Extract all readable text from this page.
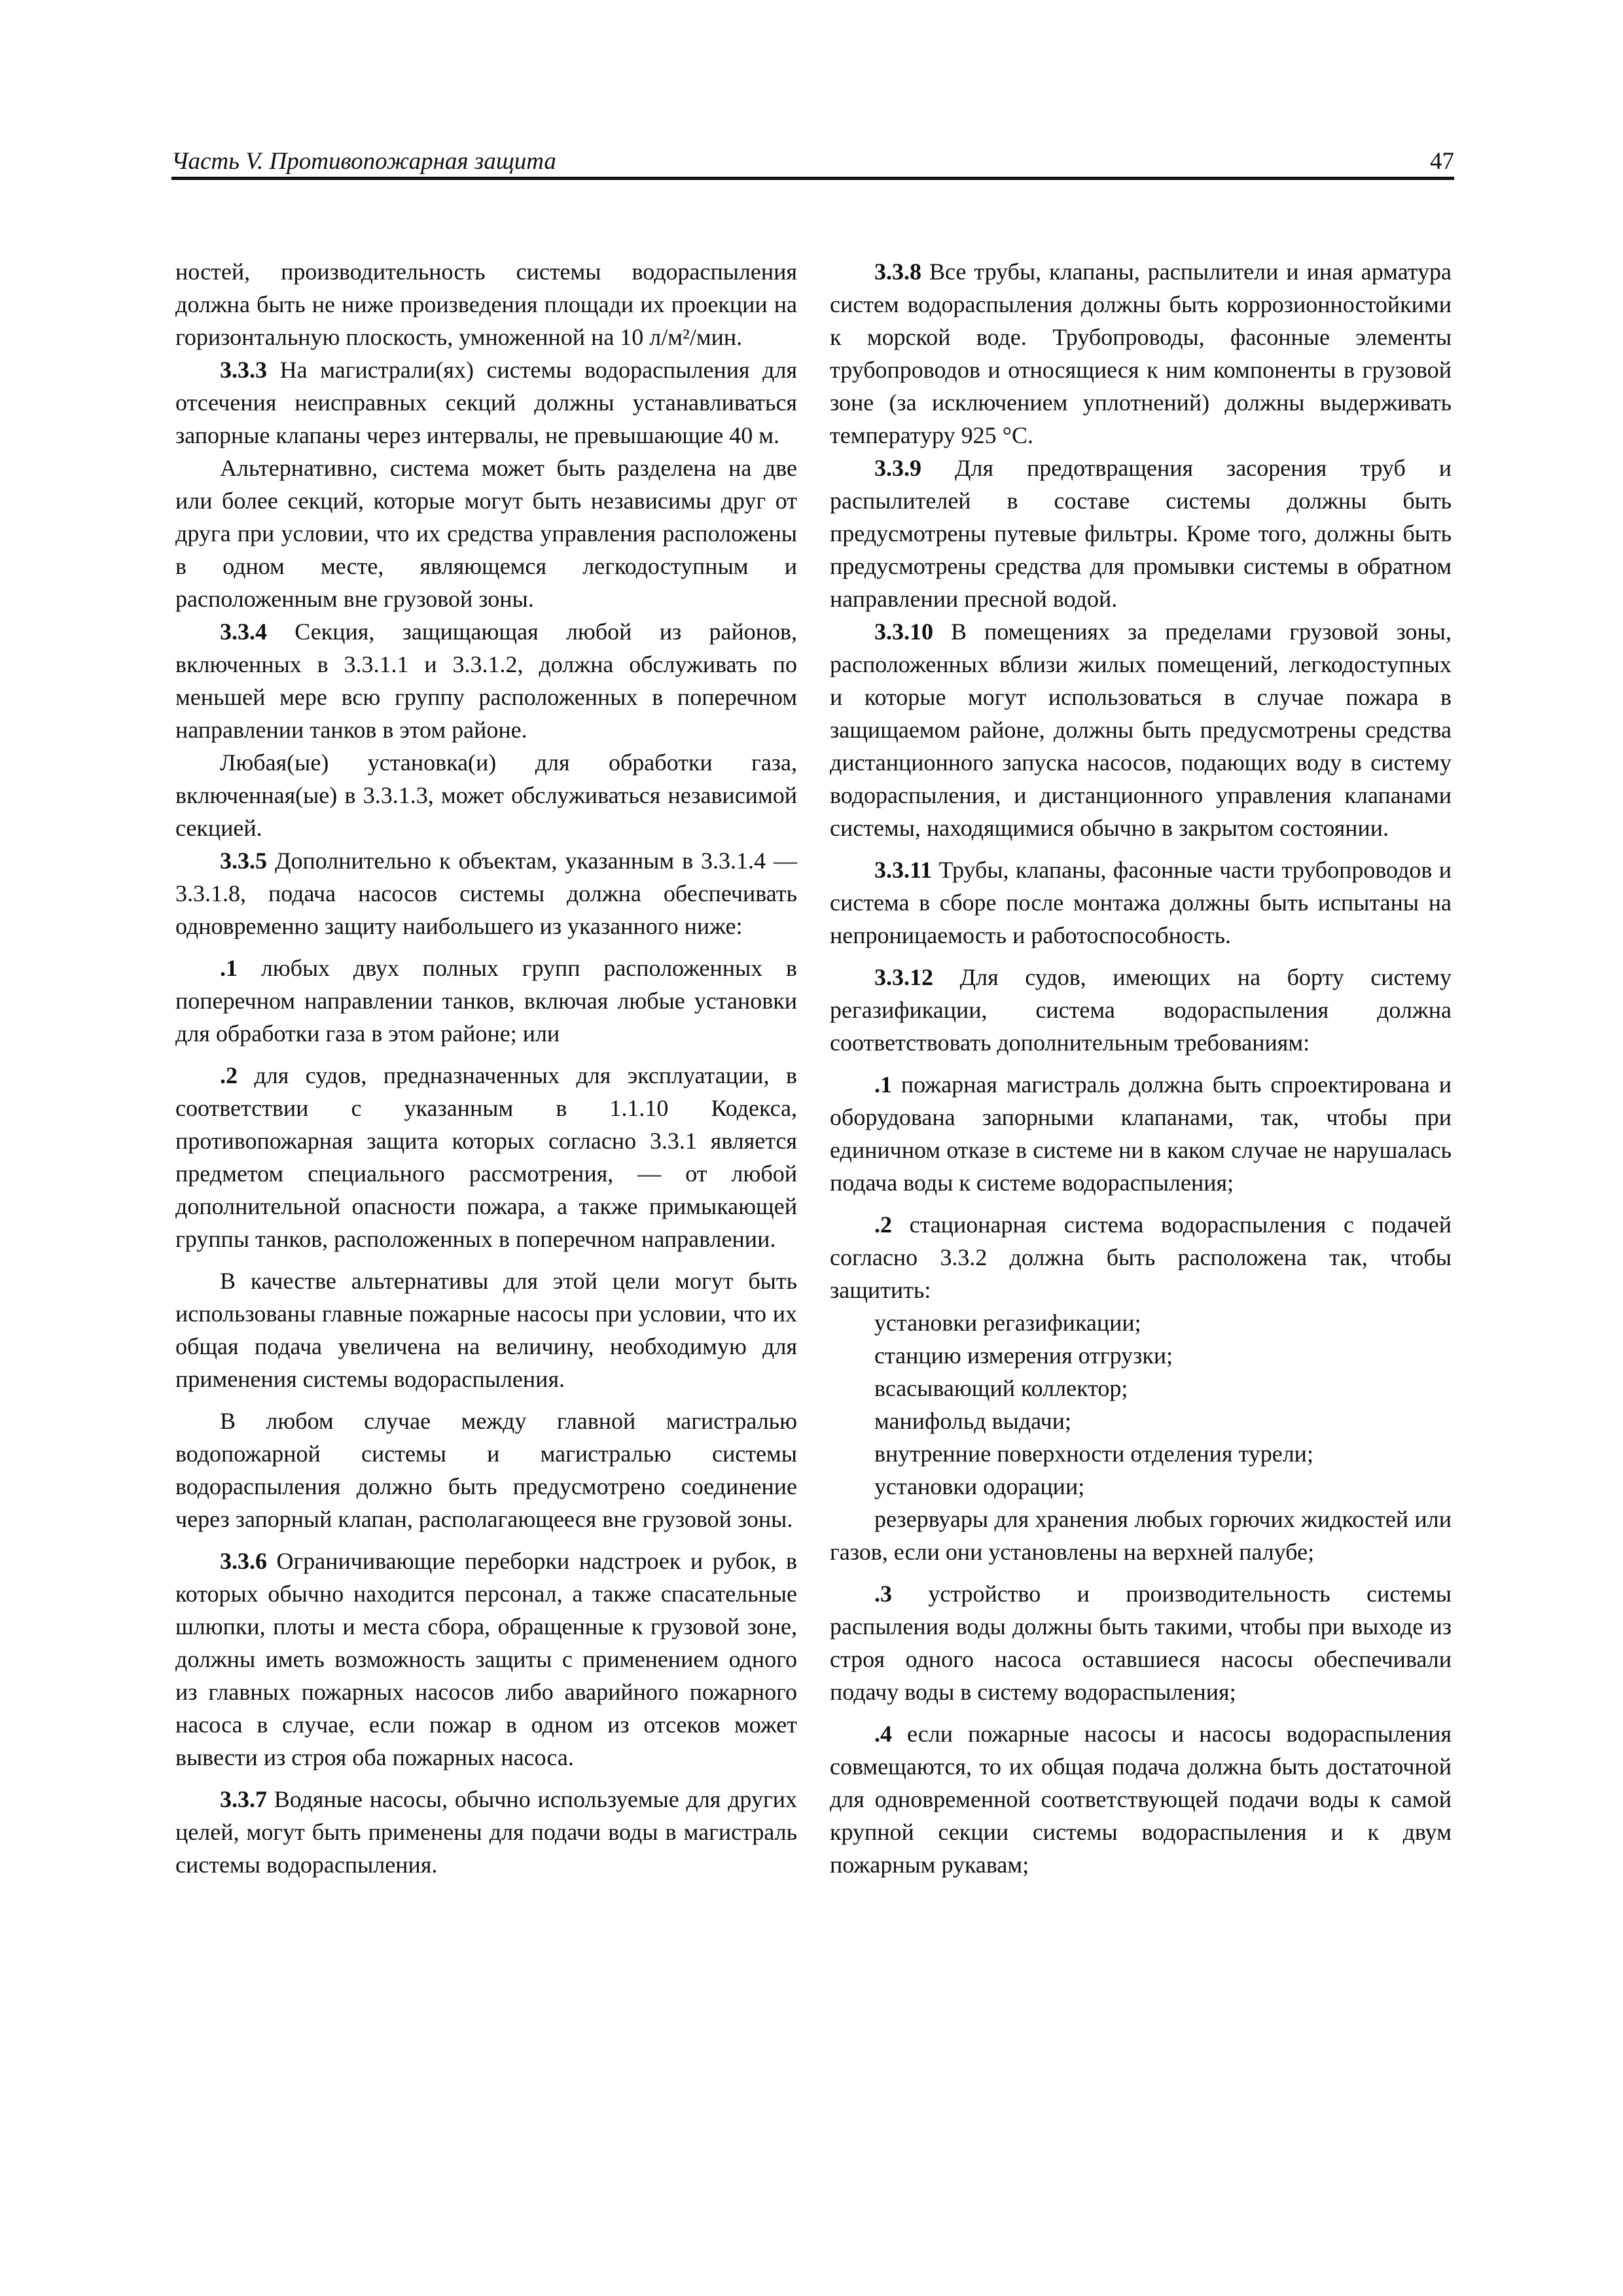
Часть V. Противопожарная защита	47

ностей, производительность системы водораспыления должна быть не ниже произведения площади их проекции на горизонтальную плоскость, умноженной на 10 л/м²/мин.

3.3.3 На магистрали(ях) системы водораспыления для отсечения неисправных секций должны устанавливаться запорные клапаны через интервалы, не превышающие 40 м.

Альтернативно, система может быть разделена на две или более секций, которые могут быть независимы друг от друга при условии, что их средства управления расположены в одном месте, являющемся легкодоступным и расположенным вне грузовой зоны.

3.3.4 Секция, защищающая любой из районов, включенных в 3.3.1.1 и 3.3.1.2, должна обслуживать по меньшей мере всю группу расположенных в поперечном направлении танков в этом районе.

Любая(ые) установка(и) для обработки газа, включенная(ые) в 3.3.1.3, может обслуживаться независимой секцией.

3.3.5 Дополнительно к объектам, указанным в 3.3.1.4 — 3.3.1.8, подача насосов системы должна обеспечивать одновременно защиту наибольшего из указанного ниже:

.1 любых двух полных групп расположенных в поперечном направлении танков, включая любые установки для обработки газа в этом районе; или

.2 для судов, предназначенных для эксплуатации, в соответствии с указанным в 1.1.10 Кодекса, противопожарная защита которых согласно 3.3.1 является предметом специального рассмотрения, — от любой дополнительной опасности пожара, а также примыкающей группы танков, расположенных в поперечном направлении.

В качестве альтернативы для этой цели могут быть использованы главные пожарные насосы при условии, что их общая подача увеличена на величину, необходимую для применения системы водораспыления.

В любом случае между главной магистралью водопожарной системы и магистралью системы водораспыления должно быть предусмотрено соединение через запорный клапан, располагающееся вне грузовой зоны.

3.3.6 Ограничивающие переборки надстроек и рубок, в которых обычно находится персонал, а также спасательные шлюпки, плоты и места сбора, обращенные к грузовой зоне, должны иметь возможность защиты с применением одного из главных пожарных насосов либо аварийного пожарного насоса в случае, если пожар в одном из отсеков может вывести из строя оба пожарных насоса.

3.3.7 Водяные насосы, обычно используемые для других целей, могут быть применены для подачи воды в магистраль системы водораспыления.

3.3.8 Все трубы, клапаны, распылители и иная арматура систем водораспыления должны быть коррозионностойкими к морской воде. Трубопроводы, фасонные элементы трубопроводов и относящиеся к ним компоненты в грузовой зоне (за исключением уплотнений) должны выдерживать температуру 925 °С.

3.3.9 Для предотвращения засорения труб и распылителей в составе системы должны быть предусмотрены путевые фильтры. Кроме того, должны быть предусмотрены средства для промывки системы в обратном направлении пресной водой.

3.3.10 В помещениях за пределами грузовой зоны, расположенных вблизи жилых помещений, легкодоступных и которые могут использоваться в случае пожара в защищаемом районе, должны быть предусмотрены средства дистанционного запуска насосов, подающих воду в систему водораспыления, и дистанционного управления клапанами системы, находящимися обычно в закрытом состоянии.

3.3.11 Трубы, клапаны, фасонные части трубопроводов и система в сборе после монтажа должны быть испытаны на непроницаемость и работоспособность.

3.3.12 Для судов, имеющих на борту систему регазификации, система водораспыления должна соответствовать дополнительным требованиям:

.1 пожарная магистраль должна быть спроектирована и оборудована запорными клапанами, так, чтобы при единичном отказе в системе ни в каком случае не нарушалась подача воды к системе водораспыления;

.2 стационарная система водораспыления с подачей согласно 3.3.2 должна быть расположена так, чтобы защитить:

установки регазификации;

станцию измерения отгрузки;

всасывающий коллектор;

манифольд выдачи;

внутренние поверхности отделения турели;

установки одорации;

резервуары для хранения любых горючих жидкостей или газов, если они установлены на верхней палубе;

.3 устройство и производительность системы распыления воды должны быть такими, чтобы при выходе из строя одного насоса оставшиеся насосы обеспечивали подачу воды в систему водораспыления;

.4 если пожарные насосы и насосы водораспыления совмещаются, то их общая подача должна быть достаточной для одновременной соответствующей подачи воды к самой крупной секции системы водораспыления и к двум пожарным рукавам;
